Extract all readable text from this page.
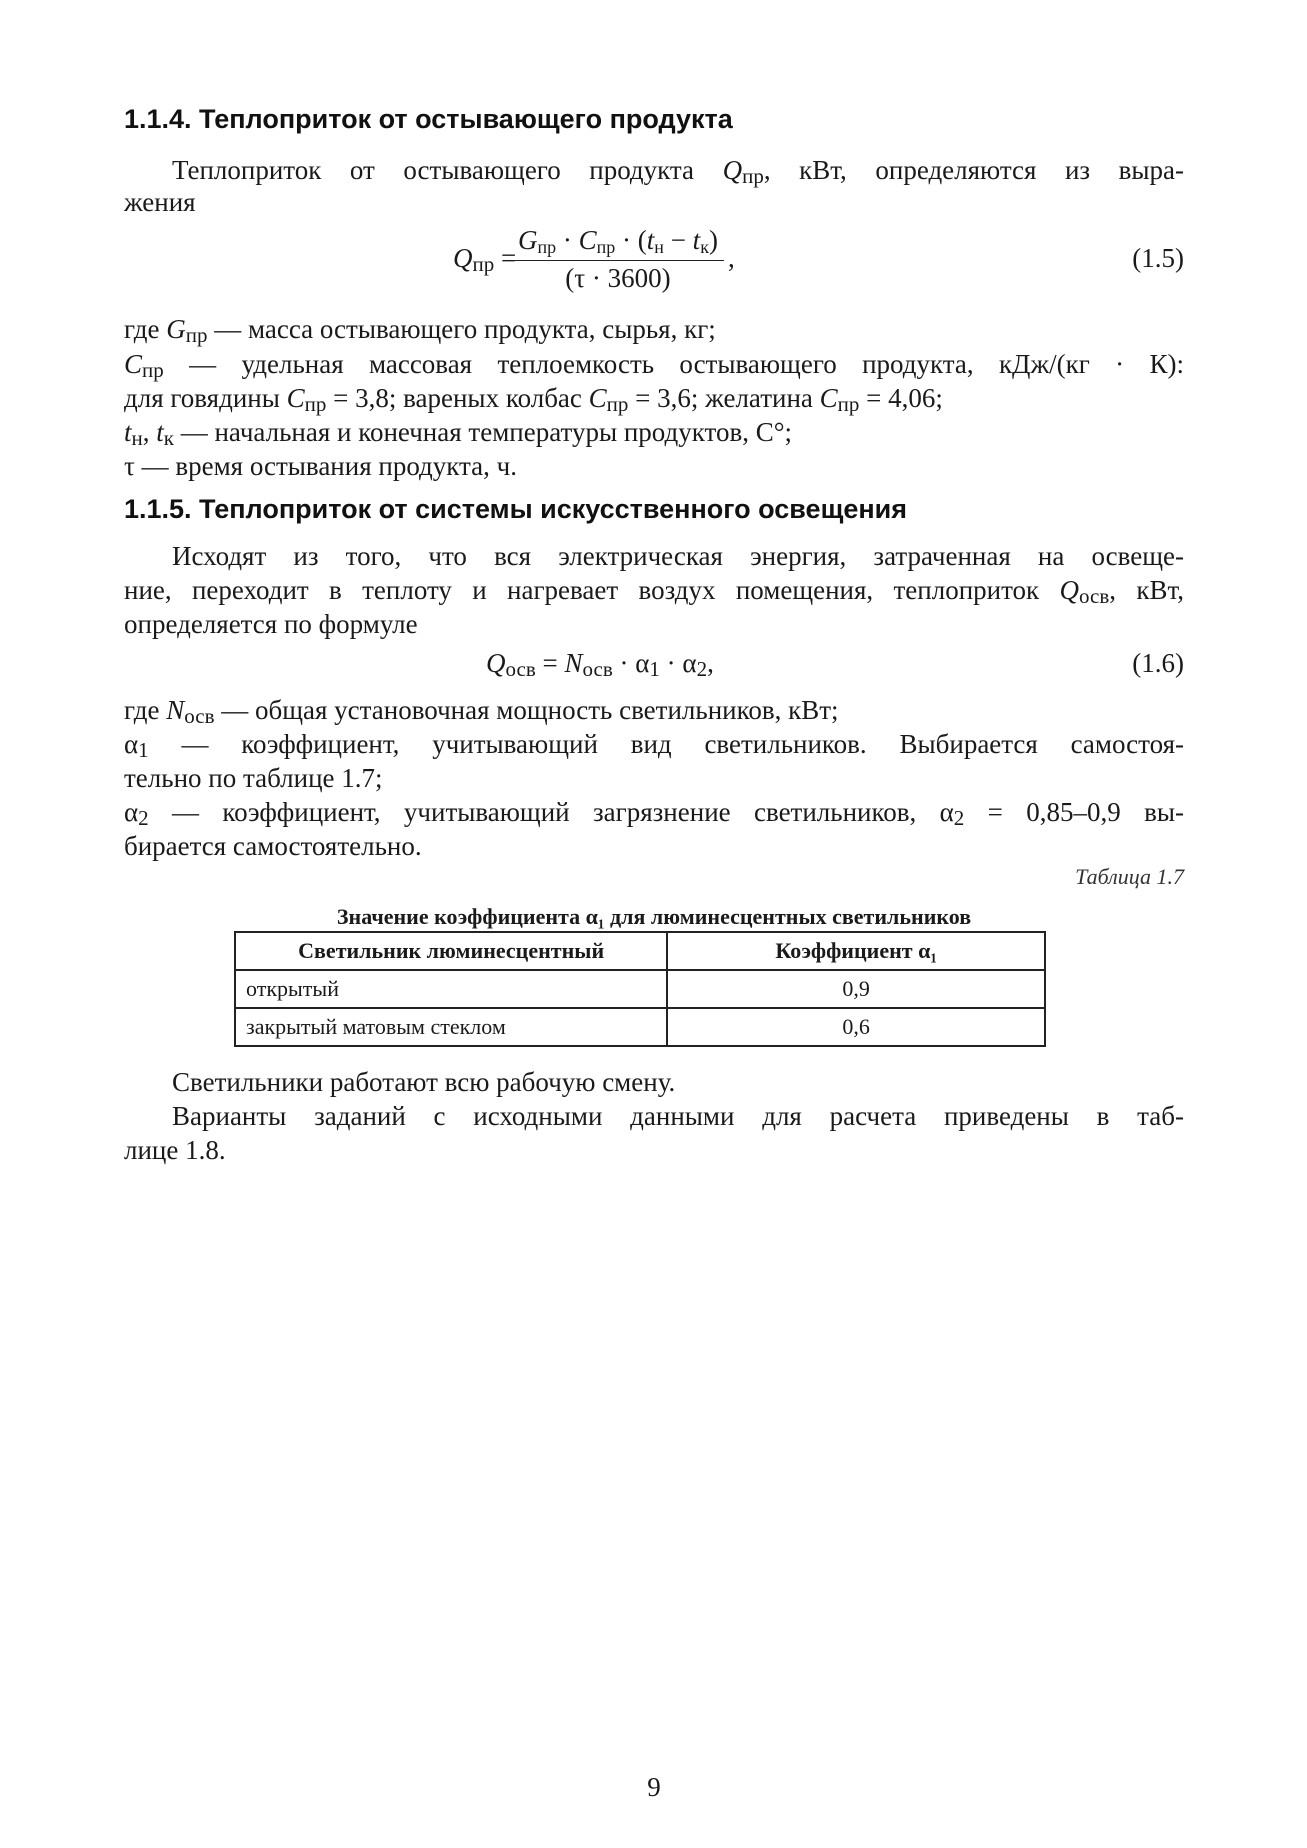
1.1.4. Теплоприток от остывающего продукта
Теплоприток от остывающего продукта Qпр, кВт, определяются из выра-
жения
Qпр =
Gпр · Cпр · (tн − tк)
(τ · 3600)
,	(1.5)
где Gпр — масса остывающего продукта, сырья, кг;
Cпр — удельная массовая теплоемкость остывающего продукта, кДж/(кг · К):
для говядины Cпр = 3,8; вареных колбас Cпр = 3,6; желатина Cпр = 4,06;
tн, tк — начальная и конечная температуры продуктов, С°;
τ — время остывания продукта, ч.
1.1.5. Теплоприток от системы искусственного освещения
Исходят из того, что вся электрическая энергия, затраченная на освеще-
ние, переходит в теплоту и нагревает воздух помещения, теплоприток Qосв, кВт,
определяется по формуле
Qосв = Nосв · α1 · α2,	(1.6)
где Nосв — общая установочная мощность светильников, кВт;
α1 — коэффициент, учитывающий вид светильников. Выбирается самостоя-
тельно по таблице 1.7;
α2 — коэффициент, учитывающий загрязнение светильников, α2 = 0,85–0,9 вы-
бирается самостоятельно.
Таблица 1.7
Значение коэффициента α₁ для люминесцентных светильников
Светильник люминесцентный	Коэффициент α₁
открытый	0,9
закрытый матовым стеклом	0,6
Светильники работают всю рабочую смену.
Варианты заданий с исходными данными для расчета приведены в таб-
лице 1.8.
9
